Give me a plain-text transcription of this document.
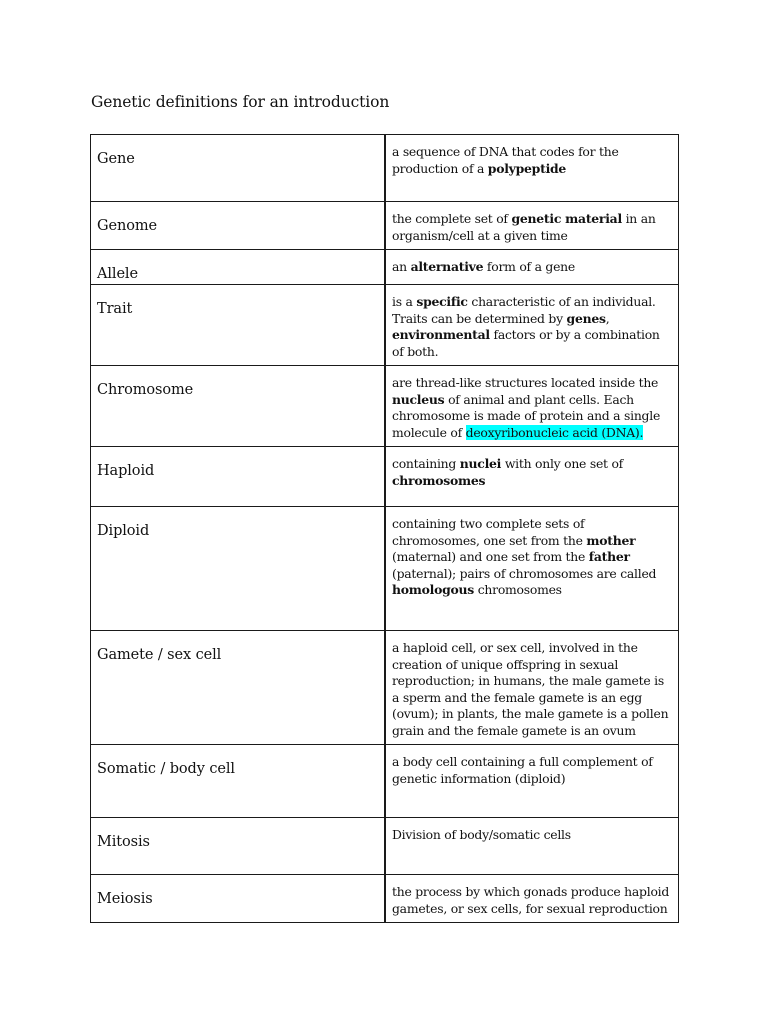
Genetic definitions for an introduction
Gene	a sequence of DNA that codes for the production of a polypeptide

Genome	the complete set of genetic material in an organism/cell at a given time

Allele	an alternative form of a gene

Trait	is a specific characteristic of an individual. Traits can be determined by genes, environmental factors or by a combination of both.

Chromosome	are thread-like structures located inside the nucleus of animal and plant cells. Each chromosome is made of protein and a single molecule of deoxyribonucleic acid (DNA).

Haploid	containing nuclei with only one set of chromosomes

Diploid	containing two complete sets of chromosomes, one set from the mother (maternal) and one set from the father (paternal); pairs of chromosomes are called homologous chromosomes

Gamete / sex cell	a haploid cell, or sex cell, involved in the creation of unique offspring in sexual reproduction; in humans, the male gamete is a sperm and the female gamete is an egg (ovum); in plants, the male gamete is a pollen grain and the female gamete is an ovum

Somatic / body cell	a body cell containing a full complement of genetic information (diploid)

Mitosis	Division of body/somatic cells

Meiosis	the process by which gonads produce haploid gametes, or sex cells, for sexual reproduction
